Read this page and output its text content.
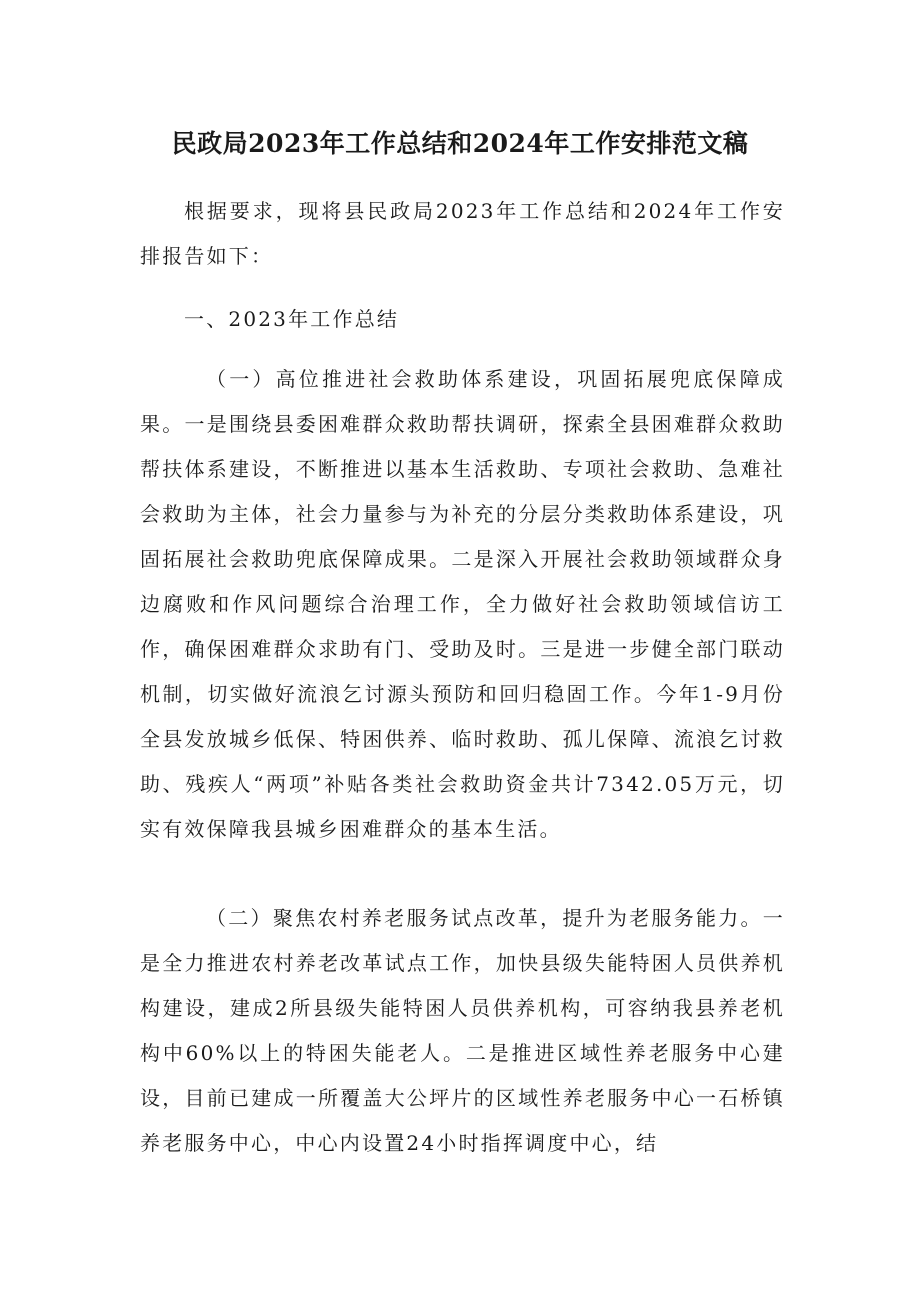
民政局2023年工作总结和2024年工作安排范文稿

根据要求，现将县民政局2023年工作总结和2024年工作安排报告如下：

一、2023年工作总结

（一）高位推进社会救助体系建设，巩固拓展兜底保障成果。一是围绕县委困难群众救助帮扶调研，探索全县困难群众救助帮扶体系建设，不断推进以基本生活救助、专项社会救助、急难社会救助为主体，社会力量参与为补充的分层分类救助体系建设，巩固拓展社会救助兜底保障成果。二是深入开展社会救助领域群众身边腐败和作风问题综合治理工作，全力做好社会救助领域信访工作，确保困难群众求助有门、受助及时。三是进一步健全部门联动机制，切实做好流浪乞讨源头预防和回归稳固工作。今年1-9月份全县发放城乡低保、特困供养、临时救助、孤儿保障、流浪乞讨救助、残疾人“两项”补贴各类社会救助资金共计7342.05万元，切实有效保障我县城乡困难群众的基本生活。

（二）聚焦农村养老服务试点改革，提升为老服务能力。一是全力推进农村养老改革试点工作，加快县级失能特困人员供养机构建设，建成2所县级失能特困人员供养机构，可容纳我县养老机构中60%以上的特困失能老人。二是推进区域性养老服务中心建设，目前已建成一所覆盖大公坪片的区域性养老服务中心一石桥镇养老服务中心，中心内设置24小时指挥调度中心，结
